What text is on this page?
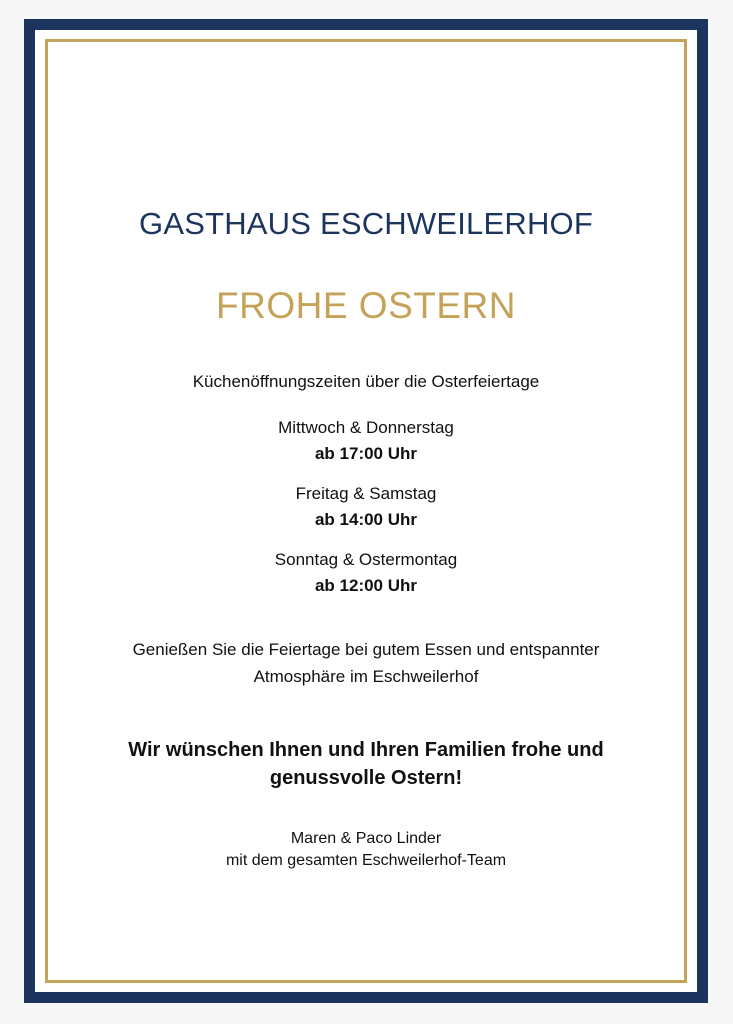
GASTHAUS ESCHWEILERHOF
FROHE OSTERN

Küchenöffnungszeiten über die Osterfeiertage

Mittwoch & Donnerstag
ab 17:00 Uhr
Freitag & Samstag
ab 14:00 Uhr
Sonntag & Ostermontag
ab 12:00 Uhr

Genießen Sie die Feiertage bei gutem Essen und entspannter
Atmosphäre im Eschweilerhof

Wir wünschen Ihnen und Ihren Familien frohe und
genussvolle Ostern!

Maren & Paco Linder
mit dem gesamten Eschweilerhof-Team
